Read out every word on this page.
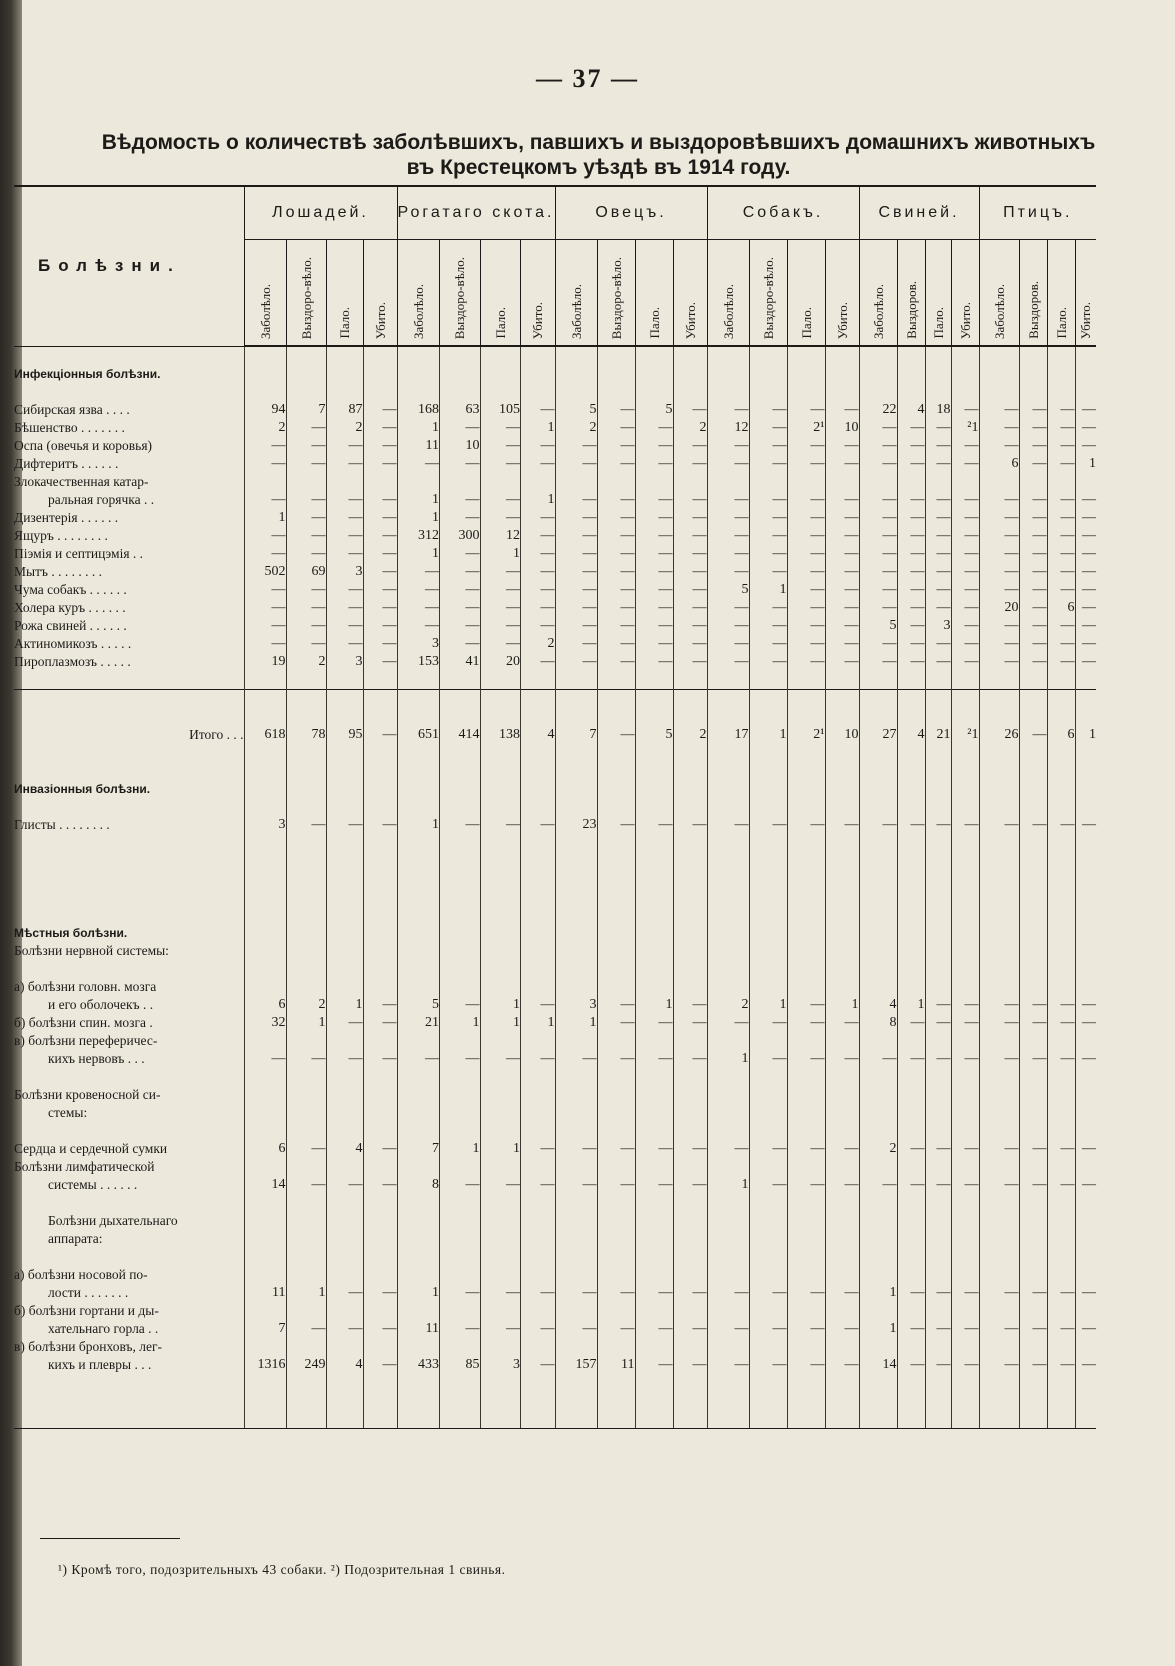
— 37 —
Вѣдомость о количествѣ заболѣвшихъ, павшихъ и выздоровѣвшихъ домашнихъ животныхъ
въ Крестецкомъ уѣздѣ въ 1914 году.
Болѣзни.	Лошадей.				Рогатаго скота.				Овецъ.				Собакъ.				Свиней.				Птицъ.			
	Заболѣло.	Выздоро-вѣло.	Пало.	Убито.	Заболѣло.	Выздоро-вѣло.	Пало.	Убито.	Заболѣло.	Выздоро-вѣло.	Пало.	Убито.	Заболѣло.	Выздоро-вѣло.	Пало.	Убито.	Заболѣло.	Выздоров.	Пало.	Убито.	Заболѣло.	Выздоров.	Пало.	Убито.

Инфекціонныя болѣзни.																								

Сибирская язва . . . .	94	7	87	—	168	63	105	—	5	—	5	—	—	—	—	—	22	4	18	—	—	—	—	—
Бѣшенство . . . . . . .	2	—	2	—	1	—	—	1	2	—	—	2	12	—	2¹	10	—	—	—	²1	—	—	—	—
Оспа (овечья и коровья)	—	—	—	—	11	10	—	—	—	—	—	—	—	—	—	—	—	—	—	—	—	—	—	—
Дифтеритъ . . . . . .	—	—	—	—	—	—	—	—	—	—	—	—	—	—	—	—	—	—	—	—	6	—	—	1
Злокачественная катар-																								
ральная горячка . .	—	—	—	—	1	—	—	1	—	—	—	—	—	—	—	—	—	—	—	—	—	—	—	—
Дизентерія . . . . . .	1	—	—	—	1	—	—	—	—	—	—	—	—	—	—	—	—	—	—	—	—	—	—	—
Ящуръ . . . . . . . .	—	—	—	—	312	300	12	—	—	—	—	—	—	—	—	—	—	—	—	—	—	—	—	—
Піэмія и септицэмія . .	—	—	—	—	1	—	1	—	—	—	—	—	—	—	—	—	—	—	—	—	—	—	—	—
Мытъ . . . . . . . .	502	69	3	—	—	—	—	—	—	—	—	—	—	—	—	—	—	—	—	—	—	—	—	—
Чума собакъ . . . . . .	—	—	—	—	—	—	—	—	—	—	—	—	5	1	—	—	—	—	—	—	—	—	—	—
Холера куръ . . . . . .	—	—	—	—	—	—	—	—	—	—	—	—	—	—	—	—	—	—	—	—	20	—	6	—
Рожа свиней . . . . . .	—	—	—	—	—	—	—	—	—	—	—	—	—	—	—	—	5	—	3	—	—	—	—	—
Актиномикозъ . . . . .	—	—	—	—	3	—	—	2	—	—	—	—	—	—	—	—	—	—	—	—	—	—	—	—
Пироплазмозъ . . . . .	19	2	3	—	153	41	20	—	—	—	—	—	—	—	—	—	—	—	—	—	—	—	—	—

Итого . . .	618	78	95	—	651	414	138	4	7	—	5	2	17	1	2¹	10	27	4	21	²1	26	—	6	1

Инвазіонныя болѣзни.																								

Глисты . . . . . . . .	3	—	—	—	1	—	—	—	23	—	—	—	—	—	—	—	—	—	—	—	—	—	—	—

Мѣстныя болѣзни.																								
Болѣзни нервной системы:																								

а) болѣзни головн. мозга																								
и его оболочекъ . .	6	2	1	—	5	—	1	—	3	—	1	—	2	1	—	1	4	1	—	—	—	—	—	—
б) болѣзни спин. мозга .	32	1	—	—	21	1	1	1	1	—	—	—	—	—	—	—	8	—	—	—	—	—	—	—
в) болѣзни переферичес-																								
кихъ нервовъ . . .	—	—	—	—	—	—	—	—	—	—	—	—	1	—	—	—	—	—	—	—	—	—	—	—

Болѣзни кровеносной си-																								
стемы:																								

Сердца и сердечной сумки	6	—	4	—	7	1	1	—	—	—	—	—	—	—	—	—	2	—	—	—	—	—	—	—
Болѣзни лимфатической																								
системы . . . . . .	14	—	—	—	8	—	—	—	—	—	—	—	1	—	—	—	—	—	—	—	—	—	—	—

Болѣзни дыхательнаго																								
аппарата:																								

а) болѣзни носовой по-																								
лости . . . . . . .	11	1	—	—	1	—	—	—	—	—	—	—	—	—	—	—	1	—	—	—	—	—	—	—
б) болѣзни гортани и ды-																								
хательнаго горла . .	7	—	—	—	11	—	—	—	—	—	—	—	—	—	—	—	1	—	—	—	—	—	—	—
в) болѣзни бронховъ, лег-																								
кихъ и плевры . . .	1316	249	4	—	433	85	3	—	157	11	—	—	—	—	—	—	14	—	—	—	—	—	—	—

¹) Кромѣ того, подозрительныхъ 43 собаки. ²) Подозрительная 1 свинья.
